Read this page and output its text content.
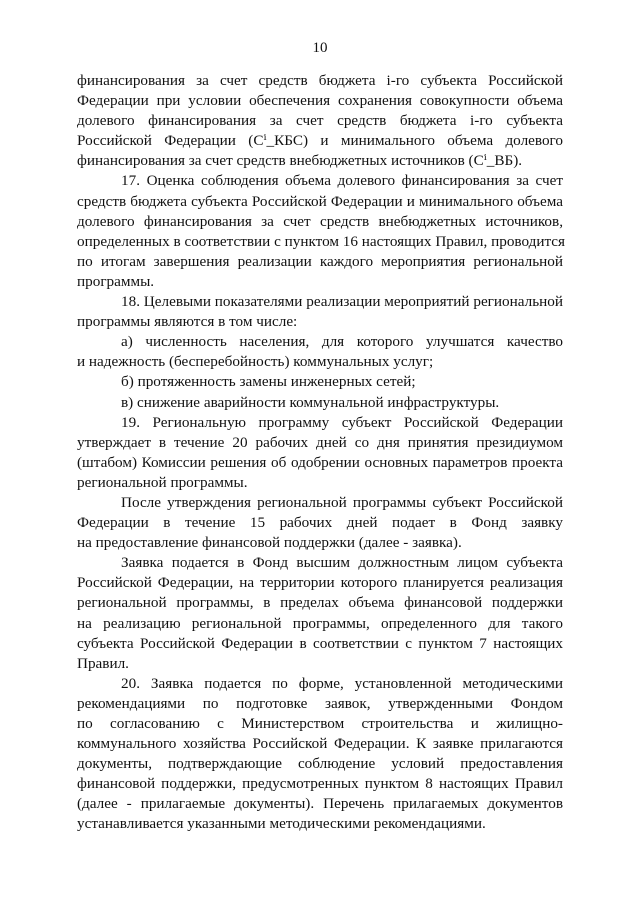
10
финансирования за счет средств бюджета i-го субъекта Российской
Федерации при условии обеспечения сохранения совокупности объема
долевого финансирования за счет средств бюджета i-го субъекта
Российской Федерации (Cⁱ_КБС) и минимального объема долевого
финансирования за счет средств внебюджетных источников (Cⁱ_ВБ).
17. Оценка соблюдения объема долевого финансирования за счет
средств бюджета субъекта Российской Федерации и минимального объема
долевого финансирования за счет средств внебюджетных источников,
определенных в соответствии с пунктом 16 настоящих Правил, проводится
по итогам завершения реализации каждого мероприятия региональной
программы.
18. Целевыми показателями реализации мероприятий региональной
программы являются в том числе:
а) численность населения, для которого улучшатся качество
и надежность (бесперебойность) коммунальных услуг;
б) протяженность замены инженерных сетей;
в) снижение аварийности коммунальной инфраструктуры.
19. Региональную программу субъект Российской Федерации
утверждает в течение 20 рабочих дней со дня принятия президиумом
(штабом) Комиссии решения об одобрении основных параметров проекта
региональной программы.
После утверждения региональной программы субъект Российской
Федерации в течение 15 рабочих дней подает в Фонд заявку
на предоставление финансовой поддержки (далее - заявка).
Заявка подается в Фонд высшим должностным лицом субъекта
Российской Федерации, на территории которого планируется реализация
региональной программы, в пределах объема финансовой поддержки
на реализацию региональной программы, определенного для такого
субъекта Российской Федерации в соответствии с пунктом 7 настоящих
Правил.
20. Заявка подается по форме, установленной методическими
рекомендациями по подготовке заявок, утвержденными Фондом
по согласованию с Министерством строительства и жилищно-
коммунального хозяйства Российской Федерации. К заявке прилагаются
документы, подтверждающие соблюдение условий предоставления
финансовой поддержки, предусмотренных пунктом 8 настоящих Правил
(далее - прилагаемые документы). Перечень прилагаемых документов
устанавливается указанными методическими рекомендациями.
